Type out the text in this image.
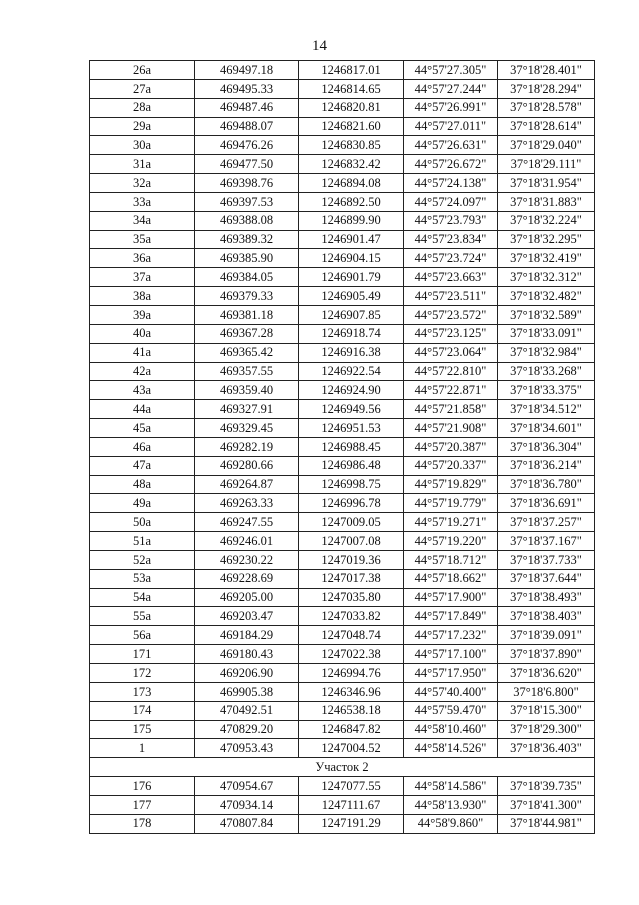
14
26а	469497.18	1246817.01	44°57'27.305"	37°18'28.401"
27а	469495.33	1246814.65	44°57'27.244"	37°18'28.294"
28а	469487.46	1246820.81	44°57'26.991"	37°18'28.578"
29а	469488.07	1246821.60	44°57'27.011"	37°18'28.614"
30а	469476.26	1246830.85	44°57'26.631"	37°18'29.040"
31а	469477.50	1246832.42	44°57'26.672"	37°18'29.111"
32а	469398.76	1246894.08	44°57'24.138"	37°18'31.954"
33а	469397.53	1246892.50	44°57'24.097"	37°18'31.883"
34а	469388.08	1246899.90	44°57'23.793"	37°18'32.224"
35а	469389.32	1246901.47	44°57'23.834"	37°18'32.295"
36а	469385.90	1246904.15	44°57'23.724"	37°18'32.419"
37а	469384.05	1246901.79	44°57'23.663"	37°18'32.312"
38а	469379.33	1246905.49	44°57'23.511"	37°18'32.482"
39а	469381.18	1246907.85	44°57'23.572"	37°18'32.589"
40а	469367.28	1246918.74	44°57'23.125"	37°18'33.091"
41а	469365.42	1246916.38	44°57'23.064"	37°18'32.984"
42а	469357.55	1246922.54	44°57'22.810"	37°18'33.268"
43а	469359.40	1246924.90	44°57'22.871"	37°18'33.375"
44а	469327.91	1246949.56	44°57'21.858"	37°18'34.512"
45а	469329.45	1246951.53	44°57'21.908"	37°18'34.601"
46а	469282.19	1246988.45	44°57'20.387"	37°18'36.304"
47а	469280.66	1246986.48	44°57'20.337"	37°18'36.214"
48а	469264.87	1246998.75	44°57'19.829"	37°18'36.780"
49а	469263.33	1246996.78	44°57'19.779"	37°18'36.691"
50а	469247.55	1247009.05	44°57'19.271"	37°18'37.257"
51а	469246.01	1247007.08	44°57'19.220"	37°18'37.167"
52а	469230.22	1247019.36	44°57'18.712"	37°18'37.733"
53а	469228.69	1247017.38	44°57'18.662"	37°18'37.644"
54а	469205.00	1247035.80	44°57'17.900"	37°18'38.493"
55а	469203.47	1247033.82	44°57'17.849"	37°18'38.403"
56а	469184.29	1247048.74	44°57'17.232"	37°18'39.091"
171	469180.43	1247022.38	44°57'17.100"	37°18'37.890"
172	469206.90	1246994.76	44°57'17.950"	37°18'36.620"
173	469905.38	1246346.96	44°57'40.400"	37°18'6.800"
174	470492.51	1246538.18	44°57'59.470"	37°18'15.300"
175	470829.20	1246847.82	44°58'10.460"	37°18'29.300"
1	470953.43	1247004.52	44°58'14.526"	37°18'36.403"
Участок 2				
176	470954.67	1247077.55	44°58'14.586"	37°18'39.735"
177	470934.14	1247111.67	44°58'13.930"	37°18'41.300"
178	470807.84	1247191.29	44°58'9.860"	37°18'44.981"
